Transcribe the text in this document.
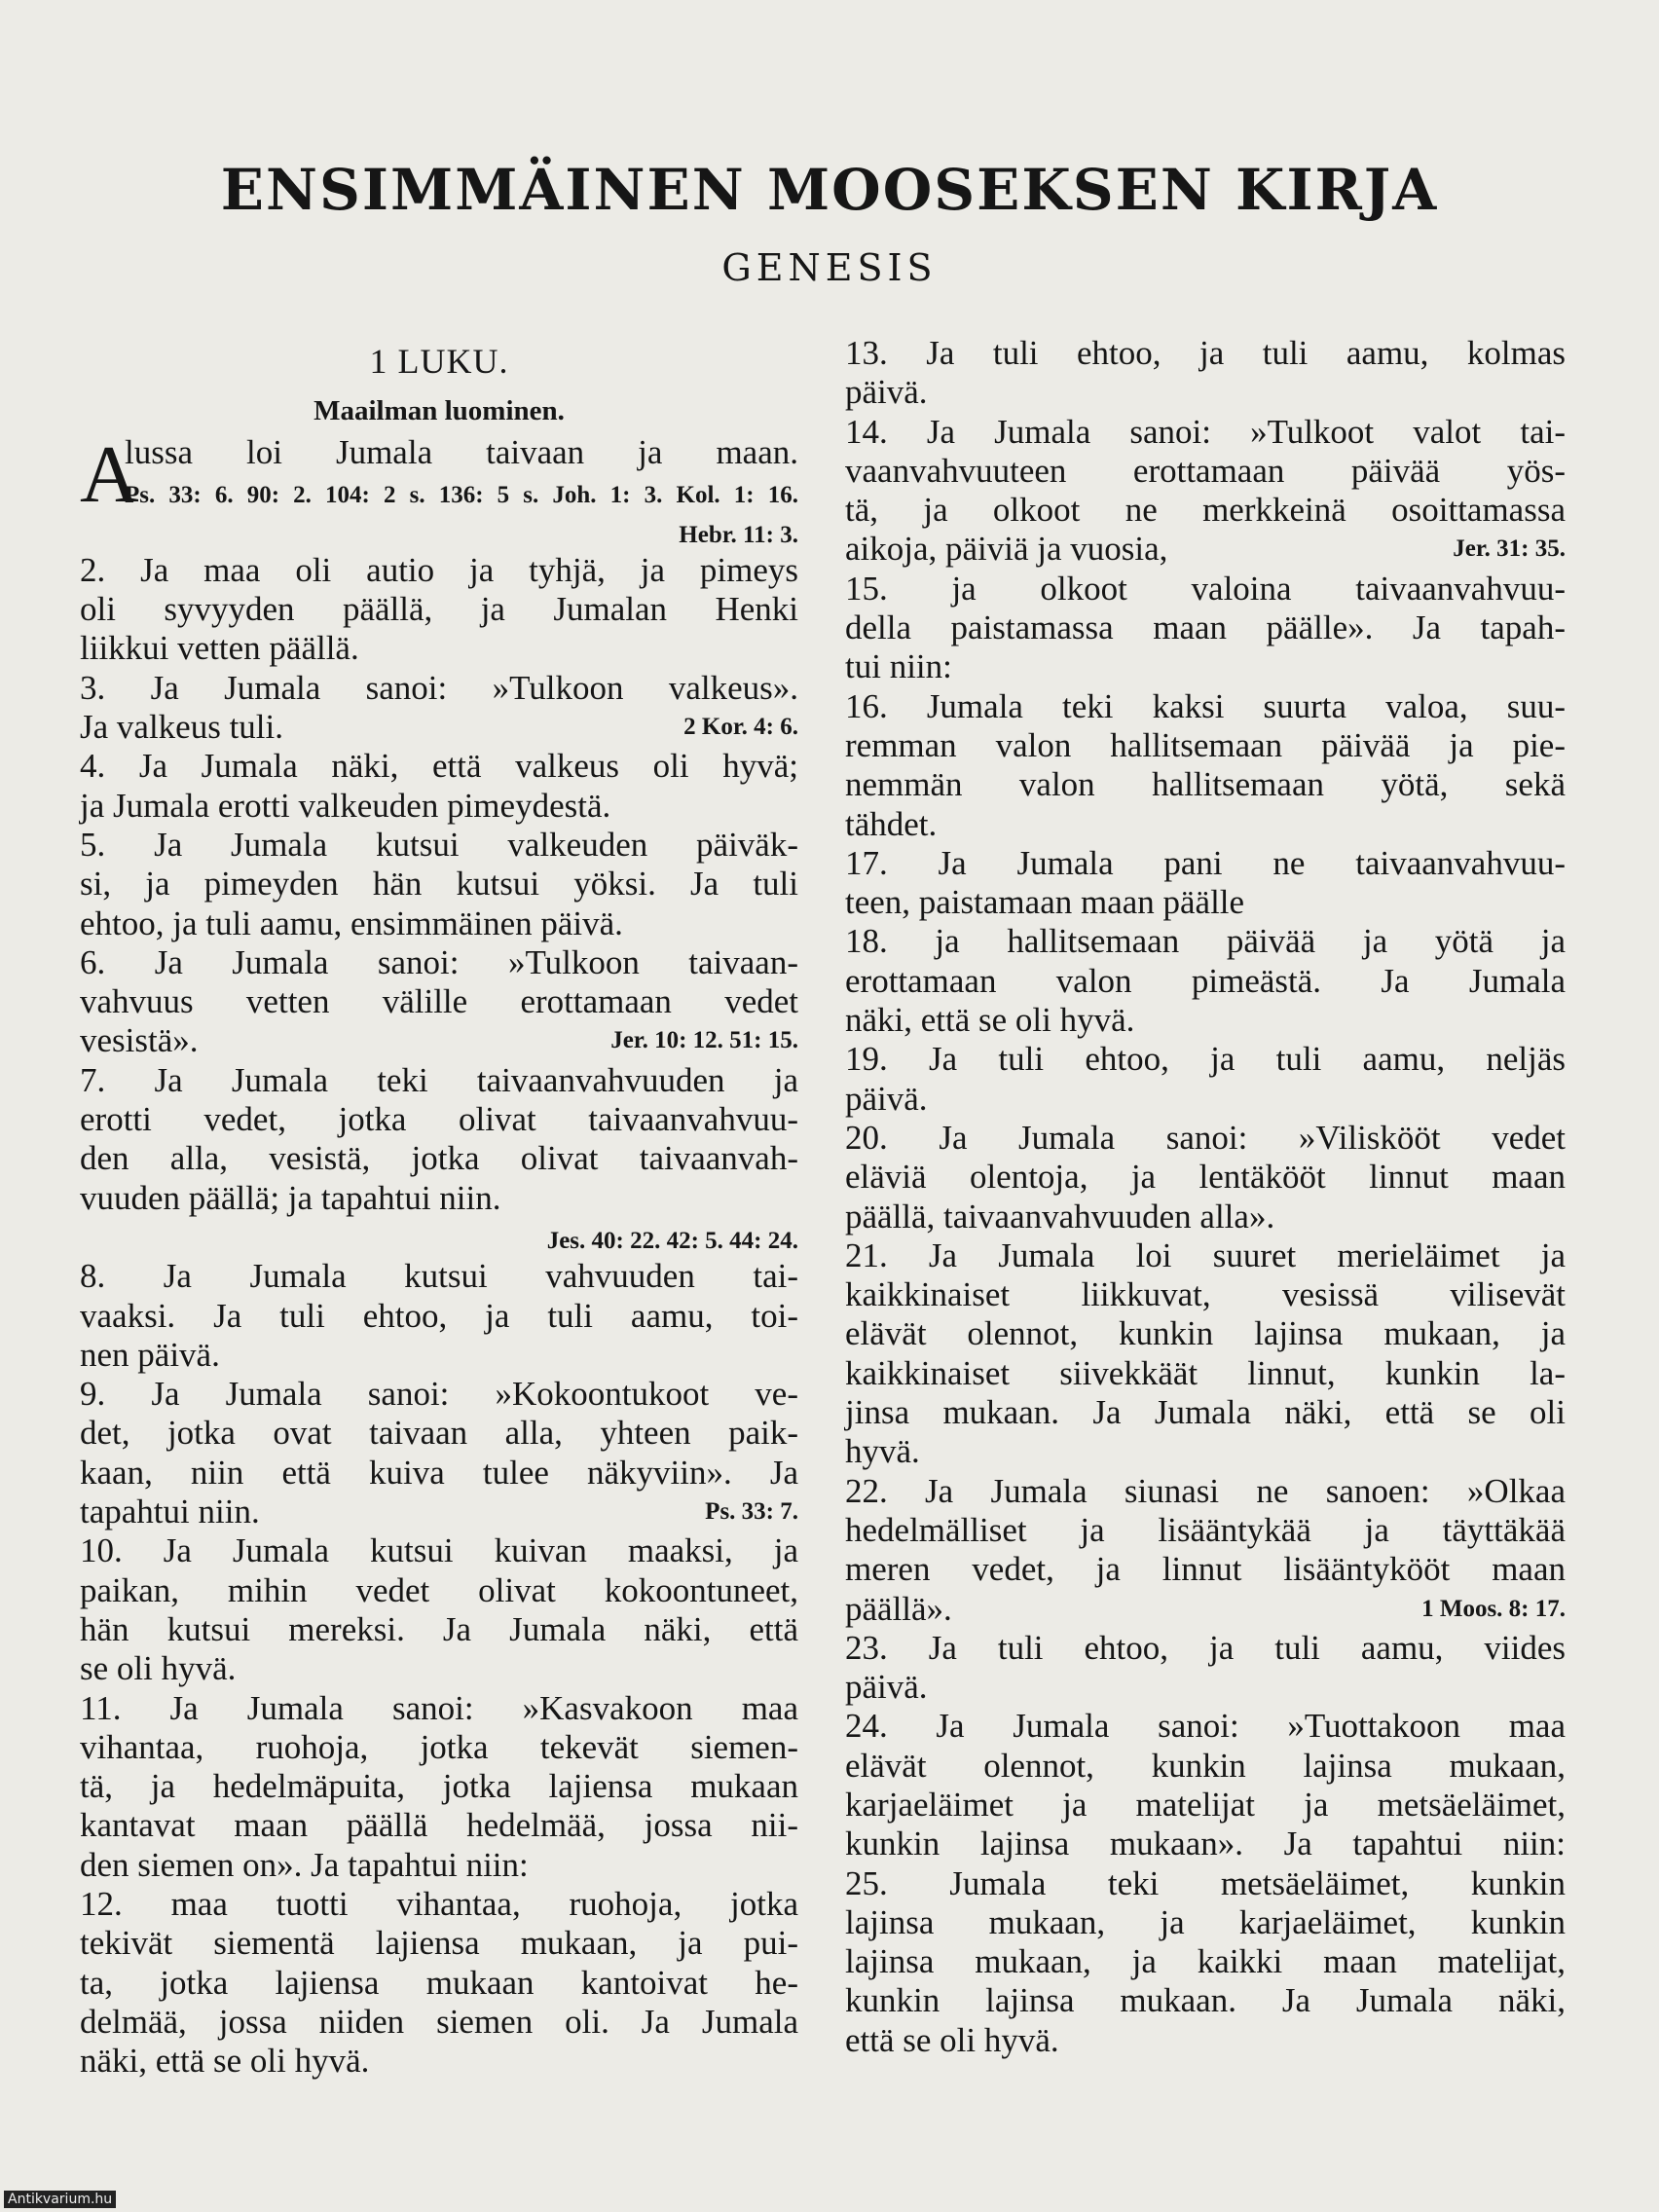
ENSIMMÄINEN MOOSEKSEN KIRJA
GENESIS
1 LUKU.
Maailman luominen.
A
lussa loi Jumala taivaan ja maan.
Ps. 33: 6. 90: 2. 104: 2 s. 136: 5 s. Joh. 1: 3. Kol. 1: 16.
Hebr. 11: 3.
2. Ja maa oli autio ja tyhjä, ja pimeys
oli syvyyden päällä, ja Jumalan Henki
liikkui vetten päällä.
3. Ja Jumala sanoi: »Tulkoon valkeus».
Ja valkeus tuli.	2 Kor. 4: 6.
4. Ja Jumala näki, että valkeus oli hyvä;
ja Jumala erotti valkeuden pimeydestä.
5. Ja Jumala kutsui valkeuden päiväk-
si, ja pimeyden hän kutsui yöksi. Ja tuli
ehtoo, ja tuli aamu, ensimmäinen päivä.
6. Ja Jumala sanoi: »Tulkoon taivaan-
vahvuus vetten välille erottamaan vedet
vesistä».	Jer. 10: 12. 51: 15.
7. Ja Jumala teki taivaanvahvuuden ja
erotti vedet, jotka olivat taivaanvahvuu-
den alla, vesistä, jotka olivat taivaanvah-
vuuden päällä; ja tapahtui niin.
Jes. 40: 22. 42: 5. 44: 24.
8. Ja Jumala kutsui vahvuuden tai-
vaaksi. Ja tuli ehtoo, ja tuli aamu, toi-
nen päivä.
9. Ja Jumala sanoi: »Kokoontukoot ve-
det, jotka ovat taivaan alla, yhteen paik-
kaan, niin että kuiva tulee näkyviin». Ja
tapahtui niin.	Ps. 33: 7.
10. Ja Jumala kutsui kuivan maaksi, ja
paikan, mihin vedet olivat kokoontuneet,
hän kutsui mereksi. Ja Jumala näki, että
se oli hyvä.
11. Ja Jumala sanoi: »Kasvakoon maa
vihantaa, ruohoja, jotka tekevät siemen-
tä, ja hedelmäpuita, jotka lajiensa mukaan
kantavat maan päällä hedelmää, jossa nii-
den siemen on». Ja tapahtui niin:
12. maa tuotti vihantaa, ruohoja, jotka
tekivät siementä lajiensa mukaan, ja pui-
ta, jotka lajiensa mukaan kantoivat he-
delmää, jossa niiden siemen oli. Ja Jumala
näki, että se oli hyvä.
13. Ja tuli ehtoo, ja tuli aamu, kolmas
päivä.
14. Ja Jumala sanoi: »Tulkoot valot tai-
vaanvahvuuteen erottamaan päivää yös-
tä, ja olkoot ne merkkeinä osoittamassa
aikoja, päiviä ja vuosia,	Jer. 31: 35.
15. ja olkoot valoina taivaanvahvuu-
della paistamassa maan päälle». Ja tapah-
tui niin:
16. Jumala teki kaksi suurta valoa, suu-
remman valon hallitsemaan päivää ja pie-
nemmän valon hallitsemaan yötä, sekä
tähdet.
17. Ja Jumala pani ne taivaanvahvuu-
teen, paistamaan maan päälle
18. ja hallitsemaan päivää ja yötä ja
erottamaan valon pimeästä. Ja Jumala
näki, että se oli hyvä.
19. Ja tuli ehtoo, ja tuli aamu, neljäs
päivä.
20. Ja Jumala sanoi: »Viliskööt vedet
eläviä olentoja, ja lentäkööt linnut maan
päällä, taivaanvahvuuden alla».
21. Ja Jumala loi suuret merieläimet ja
kaikkinaiset liikkuvat, vesissä vilisevät
elävät olennot, kunkin lajinsa mukaan, ja
kaikkinaiset siivekkäät linnut, kunkin la-
jinsa mukaan. Ja Jumala näki, että se oli
hyvä.
22. Ja Jumala siunasi ne sanoen: »Olkaa
hedelmälliset ja lisääntykää ja täyttäkää
meren vedet, ja linnut lisääntykööt maan
päällä».	1 Moos. 8: 17.
23. Ja tuli ehtoo, ja tuli aamu, viides
päivä.
24. Ja Jumala sanoi: »Tuottakoon maa
elävät olennot, kunkin lajinsa mukaan,
karjaeläimet ja matelijat ja metsäeläimet,
kunkin lajinsa mukaan». Ja tapahtui niin:
25. Jumala teki metsäeläimet, kunkin
lajinsa mukaan, ja karjaeläimet, kunkin
lajinsa mukaan, ja kaikki maan matelijat,
kunkin lajinsa mukaan. Ja Jumala näki,
että se oli hyvä.
Antikvarium.hu
